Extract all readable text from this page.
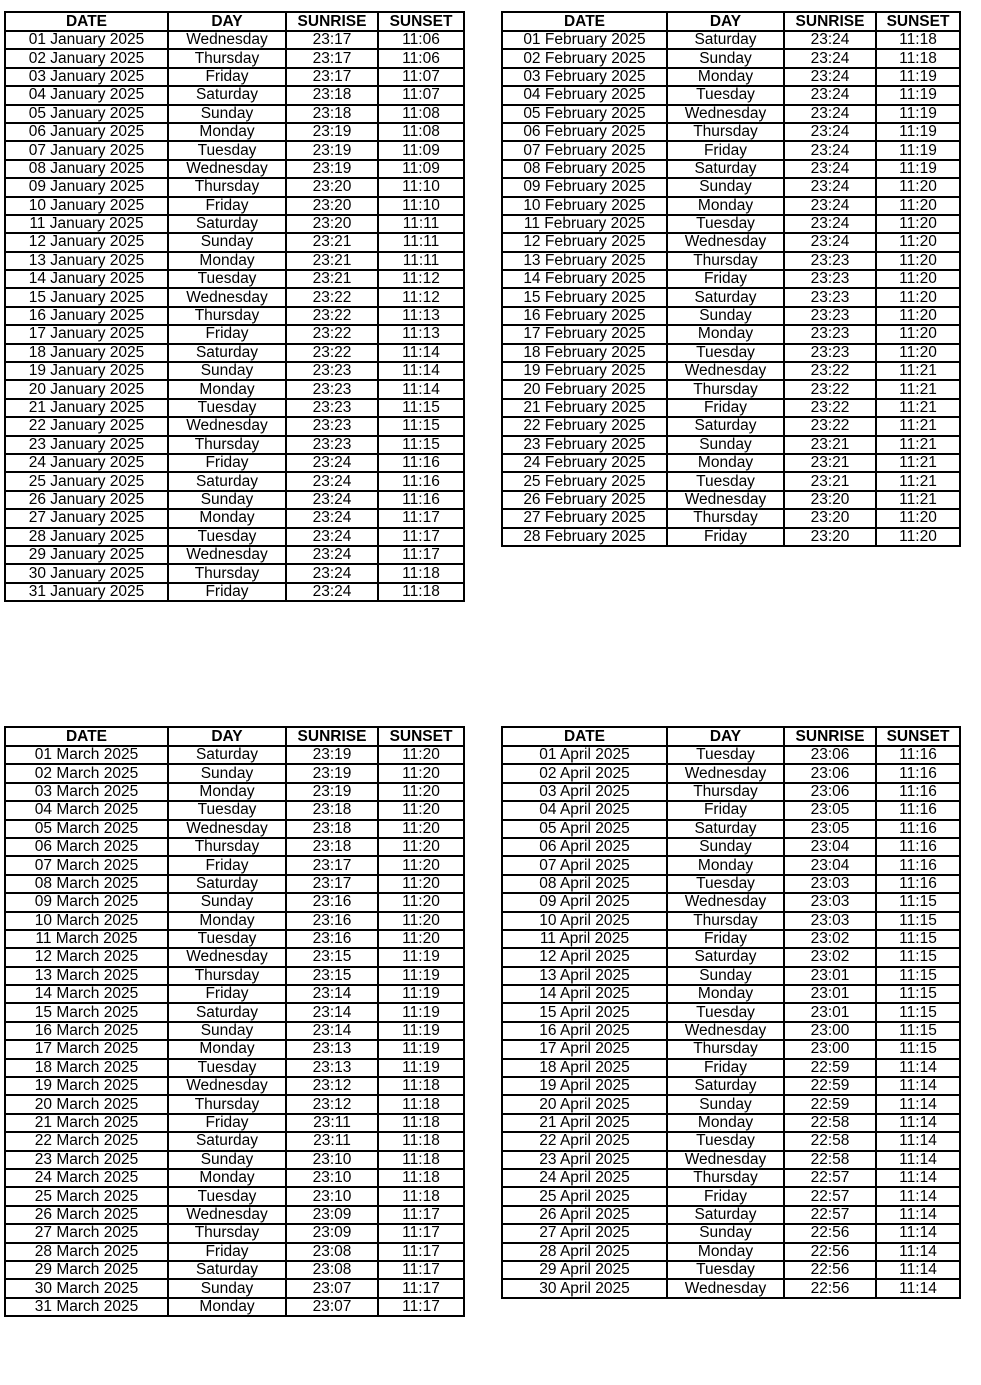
DATE	DAY	SUNRISE	SUNSET
01 January 2025	Wednesday	23:17	11:06
02 January 2025	Thursday	23:17	11:06
03 January 2025	Friday	23:17	11:07
04 January 2025	Saturday	23:18	11:07
05 January 2025	Sunday	23:18	11:08
06 January 2025	Monday	23:19	11:08
07 January 2025	Tuesday	23:19	11:09
08 January 2025	Wednesday	23:19	11:09
09 January 2025	Thursday	23:20	11:10
10 January 2025	Friday	23:20	11:10
11 January 2025	Saturday	23:20	11:11
12 January 2025	Sunday	23:21	11:11
13 January 2025	Monday	23:21	11:11
14 January 2025	Tuesday	23:21	11:12
15 January 2025	Wednesday	23:22	11:12
16 January 2025	Thursday	23:22	11:13
17 January 2025	Friday	23:22	11:13
18 January 2025	Saturday	23:22	11:14
19 January 2025	Sunday	23:23	11:14
20 January 2025	Monday	23:23	11:14
21 January 2025	Tuesday	23:23	11:15
22 January 2025	Wednesday	23:23	11:15
23 January 2025	Thursday	23:23	11:15
24 January 2025	Friday	23:24	11:16
25 January 2025	Saturday	23:24	11:16
26 January 2025	Sunday	23:24	11:16
27 January 2025	Monday	23:24	11:17
28 January 2025	Tuesday	23:24	11:17
29 January 2025	Wednesday	23:24	11:17
30 January 2025	Thursday	23:24	11:18
31 January 2025	Friday	23:24	11:18
DATE	DAY	SUNRISE	SUNSET
01 February 2025	Saturday	23:24	11:18
02 February 2025	Sunday	23:24	11:18
03 February 2025	Monday	23:24	11:19
04 February 2025	Tuesday	23:24	11:19
05 February 2025	Wednesday	23:24	11:19
06 February 2025	Thursday	23:24	11:19
07 February 2025	Friday	23:24	11:19
08 February 2025	Saturday	23:24	11:19
09 February 2025	Sunday	23:24	11:20
10 February 2025	Monday	23:24	11:20
11 February 2025	Tuesday	23:24	11:20
12 February 2025	Wednesday	23:24	11:20
13 February 2025	Thursday	23:23	11:20
14 February 2025	Friday	23:23	11:20
15 February 2025	Saturday	23:23	11:20
16 February 2025	Sunday	23:23	11:20
17 February 2025	Monday	23:23	11:20
18 February 2025	Tuesday	23:23	11:20
19 February 2025	Wednesday	23:22	11:21
20 February 2025	Thursday	23:22	11:21
21 February 2025	Friday	23:22	11:21
22 February 2025	Saturday	23:22	11:21
23 February 2025	Sunday	23:21	11:21
24 February 2025	Monday	23:21	11:21
25 February 2025	Tuesday	23:21	11:21
26 February 2025	Wednesday	23:20	11:21
27 February 2025	Thursday	23:20	11:20
28 February 2025	Friday	23:20	11:20
DATE	DAY	SUNRISE	SUNSET
01 March 2025	Saturday	23:19	11:20
02 March 2025	Sunday	23:19	11:20
03 March 2025	Monday	23:19	11:20
04 March 2025	Tuesday	23:18	11:20
05 March 2025	Wednesday	23:18	11:20
06 March 2025	Thursday	23:18	11:20
07 March 2025	Friday	23:17	11:20
08 March 2025	Saturday	23:17	11:20
09 March 2025	Sunday	23:16	11:20
10 March 2025	Monday	23:16	11:20
11 March 2025	Tuesday	23:16	11:20
12 March 2025	Wednesday	23:15	11:19
13 March 2025	Thursday	23:15	11:19
14 March 2025	Friday	23:14	11:19
15 March 2025	Saturday	23:14	11:19
16 March 2025	Sunday	23:14	11:19
17 March 2025	Monday	23:13	11:19
18 March 2025	Tuesday	23:13	11:19
19 March 2025	Wednesday	23:12	11:18
20 March 2025	Thursday	23:12	11:18
21 March 2025	Friday	23:11	11:18
22 March 2025	Saturday	23:11	11:18
23 March 2025	Sunday	23:10	11:18
24 March 2025	Monday	23:10	11:18
25 March 2025	Tuesday	23:10	11:18
26 March 2025	Wednesday	23:09	11:17
27 March 2025	Thursday	23:09	11:17
28 March 2025	Friday	23:08	11:17
29 March 2025	Saturday	23:08	11:17
30 March 2025	Sunday	23:07	11:17
31 March 2025	Monday	23:07	11:17
DATE	DAY	SUNRISE	SUNSET
01 April 2025	Tuesday	23:06	11:16
02 April 2025	Wednesday	23:06	11:16
03 April 2025	Thursday	23:06	11:16
04 April 2025	Friday	23:05	11:16
05 April 2025	Saturday	23:05	11:16
06 April 2025	Sunday	23:04	11:16
07 April 2025	Monday	23:04	11:16
08 April 2025	Tuesday	23:03	11:16
09 April 2025	Wednesday	23:03	11:15
10 April 2025	Thursday	23:03	11:15
11 April 2025	Friday	23:02	11:15
12 April 2025	Saturday	23:02	11:15
13 April 2025	Sunday	23:01	11:15
14 April 2025	Monday	23:01	11:15
15 April 2025	Tuesday	23:01	11:15
16 April 2025	Wednesday	23:00	11:15
17 April 2025	Thursday	23:00	11:15
18 April 2025	Friday	22:59	11:14
19 April 2025	Saturday	22:59	11:14
20 April 2025	Sunday	22:59	11:14
21 April 2025	Monday	22:58	11:14
22 April 2025	Tuesday	22:58	11:14
23 April 2025	Wednesday	22:58	11:14
24 April 2025	Thursday	22:57	11:14
25 April 2025	Friday	22:57	11:14
26 April 2025	Saturday	22:57	11:14
27 April 2025	Sunday	22:56	11:14
28 April 2025	Monday	22:56	11:14
29 April 2025	Tuesday	22:56	11:14
30 April 2025	Wednesday	22:56	11:14
